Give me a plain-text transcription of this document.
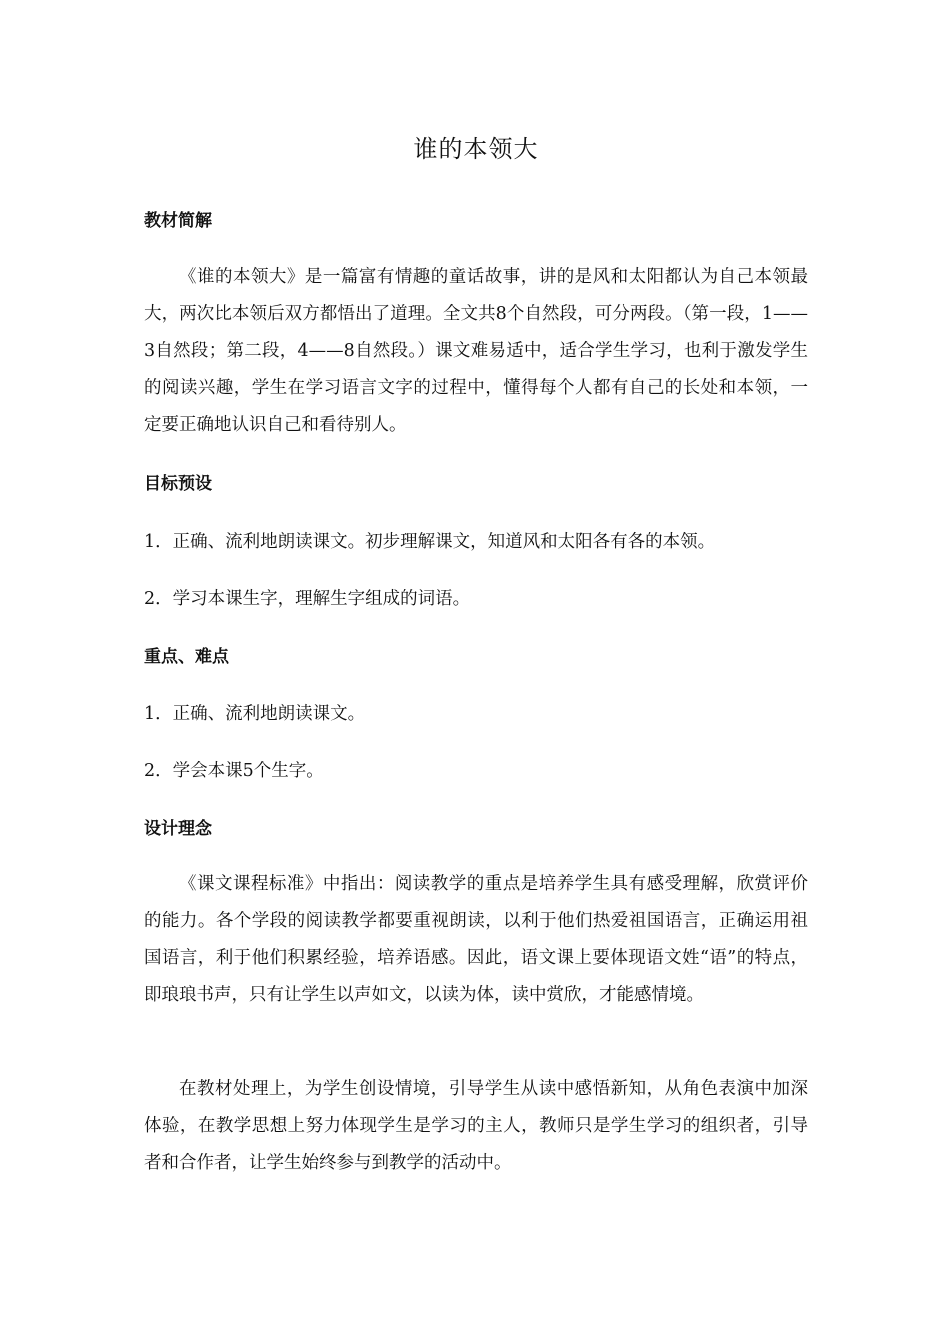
谁的本领大
教材简解

《谁的本领大》是一篇富有情趣的童话故事，讲的是风和太阳都认为自己本领最大，两次比本领后双方都悟出了道理。全文共8个自然段，可分两段。（第一段，1——3自然段；第二段，4——8自然段。）课文难易适中，适合学生学习，也利于激发学生的阅读兴趣，学生在学习语言文字的过程中，懂得每个人都有自己的长处和本领，一定要正确地认识自己和看待别人。

目标预设

1．正确、流利地朗读课文。初步理解课文，知道风和太阳各有各的本领。

2．学习本课生字，理解生字组成的词语。

重点、难点

1．正确、流利地朗读课文。

2．学会本课5个生字。

设计理念

《课文课程标准》中指出：阅读教学的重点是培养学生具有感受理解，欣赏评价的能力。各个学段的阅读教学都要重视朗读，以利于他们热爱祖国语言，正确运用祖国语言，利于他们积累经验，培养语感。因此，语文课上要体现语文姓“语”的特点，即琅琅书声，只有让学生以声如文，以读为体，读中赏欣，才能感情境。

在教材处理上，为学生创设情境，引导学生从读中感悟新知，从角色表演中加深体验，在教学思想上努力体现学生是学习的主人，教师只是学生学习的组织者，引导者和合作者，让学生始终参与到教学的活动中。
